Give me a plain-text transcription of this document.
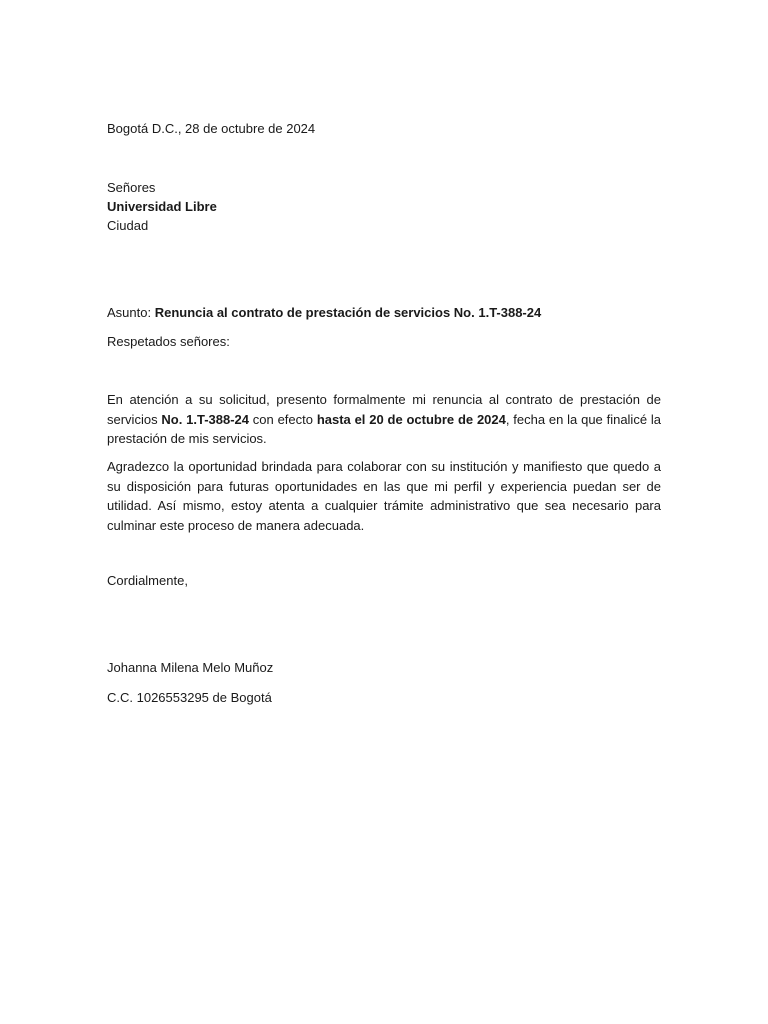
Bogotá D.C., 28 de octubre de 2024
Señores
Universidad Libre
Ciudad
Asunto: Renuncia al contrato de prestación de servicios No. 1.T-388-24
Respetados señores:
En atención a su solicitud, presento formalmente mi renuncia al contrato de prestación de servicios No. 1.T-388-24 con efecto hasta el 20 de octubre de 2024, fecha en la que finalicé la prestación de mis servicios.
Agradezco la oportunidad brindada para colaborar con su institución y manifiesto que quedo a su disposición para futuras oportunidades en las que mi perfil y experiencia puedan ser de utilidad. Así mismo, estoy atenta a cualquier trámite administrativo que sea necesario para culminar este proceso de manera adecuada.
Cordialmente,
Johanna Milena Melo Muñoz
C.C. 1026553295 de Bogotá
